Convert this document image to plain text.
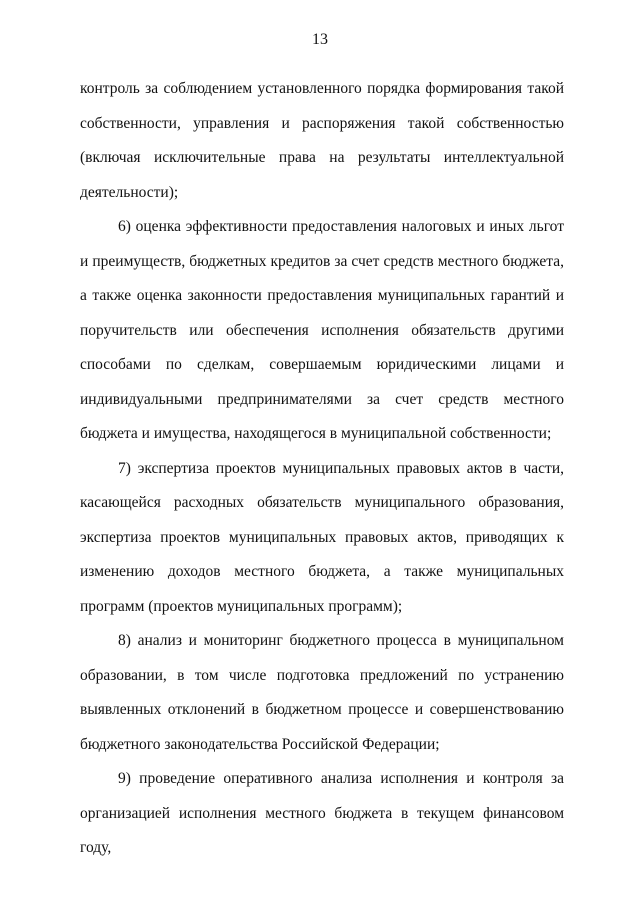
13

контроль за соблюдением установленного порядка формирования такой собственности, управления и распоряжения такой собственностью (включая исключительные права на результаты интеллектуальной деятельности);

6) оценка эффективности предоставления налоговых и иных льгот и преимуществ, бюджетных кредитов за счет средств местного бюджета, а также оценка законности предоставления муниципальных гарантий и поручительств или обеспечения исполнения обязательств другими способами по сделкам, совершаемым юридическими лицами и индивидуальными предпринимателями за счет средств местного бюджета и имущества, находящегося в муниципальной собственности;

7) экспертиза проектов муниципальных правовых актов в части, касающейся расходных обязательств муниципального образования, экспертиза проектов муниципальных правовых актов, приводящих к изменению доходов местного бюджета, а также муниципальных программ (проектов муниципальных программ);

8) анализ и мониторинг бюджетного процесса в муниципальном образовании, в том числе подготовка предложений по устранению выявленных отклонений в бюджетном процессе и совершенствованию бюджетного законодательства Российской Федерации;

9) проведение оперативного анализа исполнения и контроля за организацией исполнения местного бюджета в текущем финансовом году,
